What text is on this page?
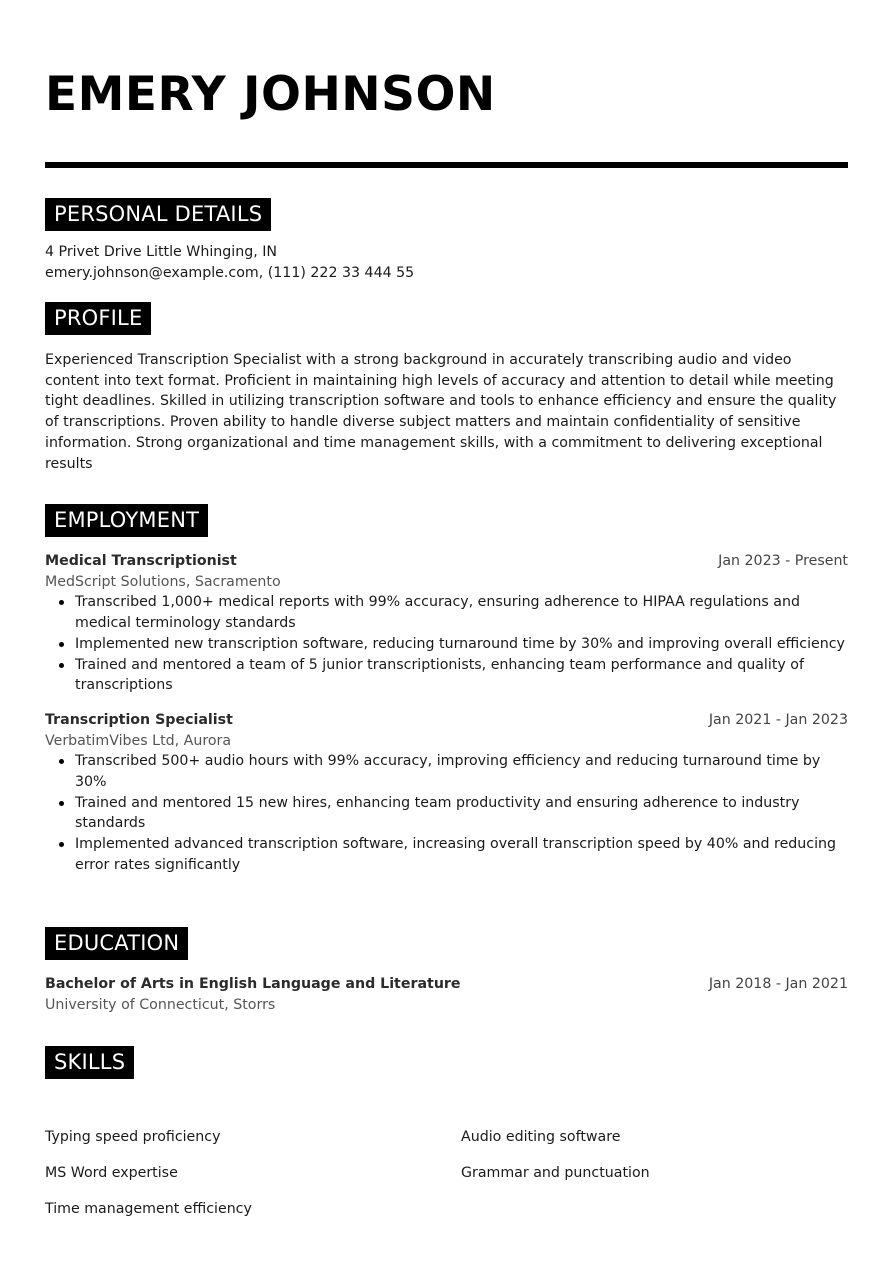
EMERY JOHNSON
PERSONAL DETAILS
4 Privet Drive Little Whinging, IN
emery.johnson@example.com, (111) 222 33 444 55
PROFILE
Experienced Transcription Specialist with a strong background in accurately transcribing audio and video content into text format. Proficient in maintaining high levels of accuracy and attention to detail while meeting tight deadlines. Skilled in utilizing transcription software and tools to enhance efficiency and ensure the quality of transcriptions. Proven ability to handle diverse subject matters and maintain confidentiality of sensitive information. Strong organizational and time management skills, with a commitment to delivering exceptional results
EMPLOYMENT
Medical Transcriptionist	Jan 2023 - Present
MedScript Solutions, Sacramento
Transcribed 1,000+ medical reports with 99% accuracy, ensuring adherence to HIPAA regulations and medical terminology standards
Implemented new transcription software, reducing turnaround time by 30% and improving overall efficiency
Trained and mentored a team of 5 junior transcriptionists, enhancing team performance and quality of transcriptions
Transcription Specialist	Jan 2021 - Jan 2023
VerbatimVibes Ltd, Aurora
Transcribed 500+ audio hours with 99% accuracy, improving efficiency and reducing turnaround time by 30%
Trained and mentored 15 new hires, enhancing team productivity and ensuring adherence to industry standards
Implemented advanced transcription software, increasing overall transcription speed by 40% and reducing error rates significantly
EDUCATION
Bachelor of Arts in English Language and Literature	Jan 2018 - Jan 2021
University of Connecticut, Storrs
SKILLS
Typing speed proficiency	Audio editing software
MS Word expertise	Grammar and punctuation
Time management efficiency
